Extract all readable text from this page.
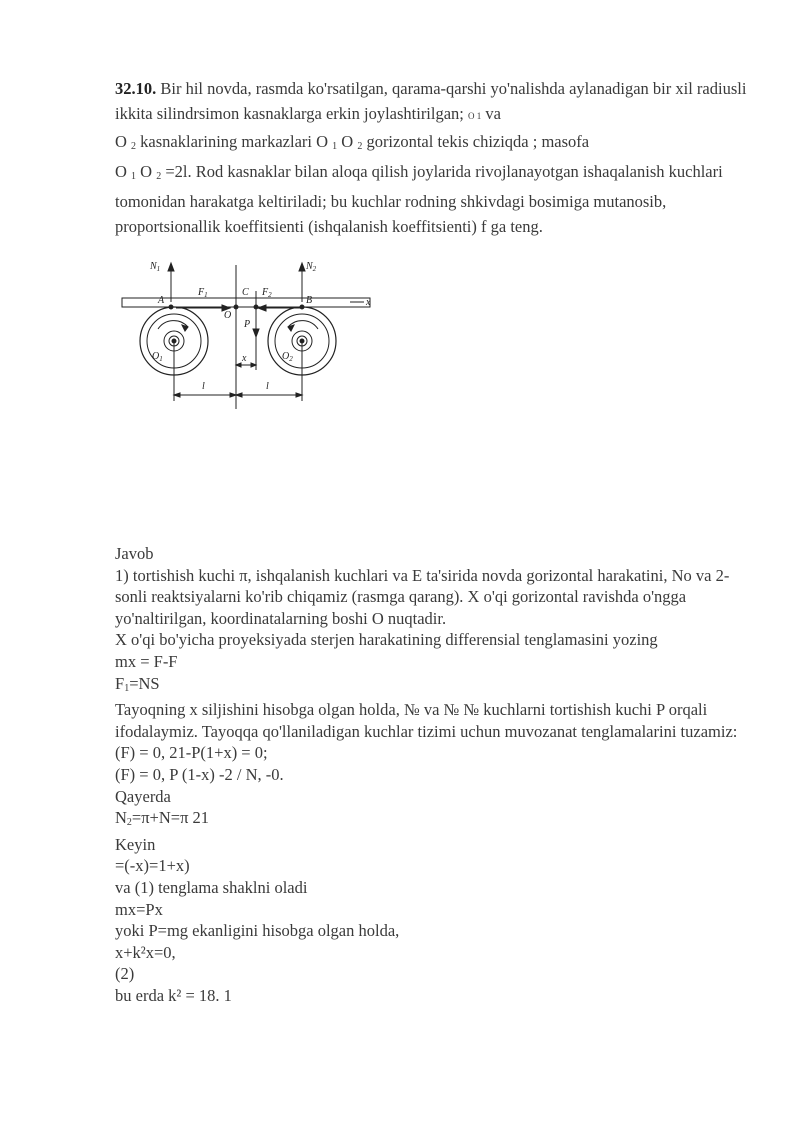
32.10. Bir hil novda, rasmda ko'rsatilgan, qarama-qarshi yo'nalishda aylanadigan bir xil radiusli ikkita silindrsimon kasnaklarga erkin joylashtirilgan; O 1 va
O $_2$ kasnaklarining markazlari O $_1$ O $_2$ gorizontal tekis chiziqda ; masofa
O $_1$ O $_2$ =2l. Rod kasnaklar bilan aloqa qilish joylarida rivojlanayotgan ishaqalanish kuchlari tomonidan harakatga keltiriladi; bu kuchlar rodning shkivdagi bosimiga mutanosib, proportsionallik koeffitsienti (ishqalanish koeffitsienti) f ga teng.
$N_1$	$N_2$
$F_1$	$F_2$
A	B
C
O
P
x
x
$O_1$	$O_2$
l	l
Javob
1) tortishish kuchi π, ishqalanish kuchlari va E ta'sirida novda gorizontal harakatini, No va 2-sonli reaktsiyalarni ko'rib chiqamiz (rasmga qarang). X o'qi gorizontal ravishda o'ngga yo'naltirilgan, koordinatalarning boshi O nuqtadir.
X o'qi bo'yicha proyeksiyada sterjen harakatining differensial tenglamasini yozing
mx = F-F
$F_1=NS$
Tayoqning x siljishini hisobga olgan holda, № va № № kuchlarni tortishish kuchi P orqali ifodalaymiz. Tayoqqa qo'llaniladigan kuchlar tizimi uchun muvozanat tenglamalarini tuzamiz:
(F) = 0, 21-P(1+x) = 0;
(F) = 0, P (1-x) -2 / N, -0.
Qayerda
$N_2=\pi+N=\pi$ 21
Keyin
=(-x)=1+x)
va (1) tenglama shaklni oladi
mx=Px
yoki P=mg ekanligini hisobga olgan holda,
x+k²x=0,
(2)
bu erda k² = 18. 1
